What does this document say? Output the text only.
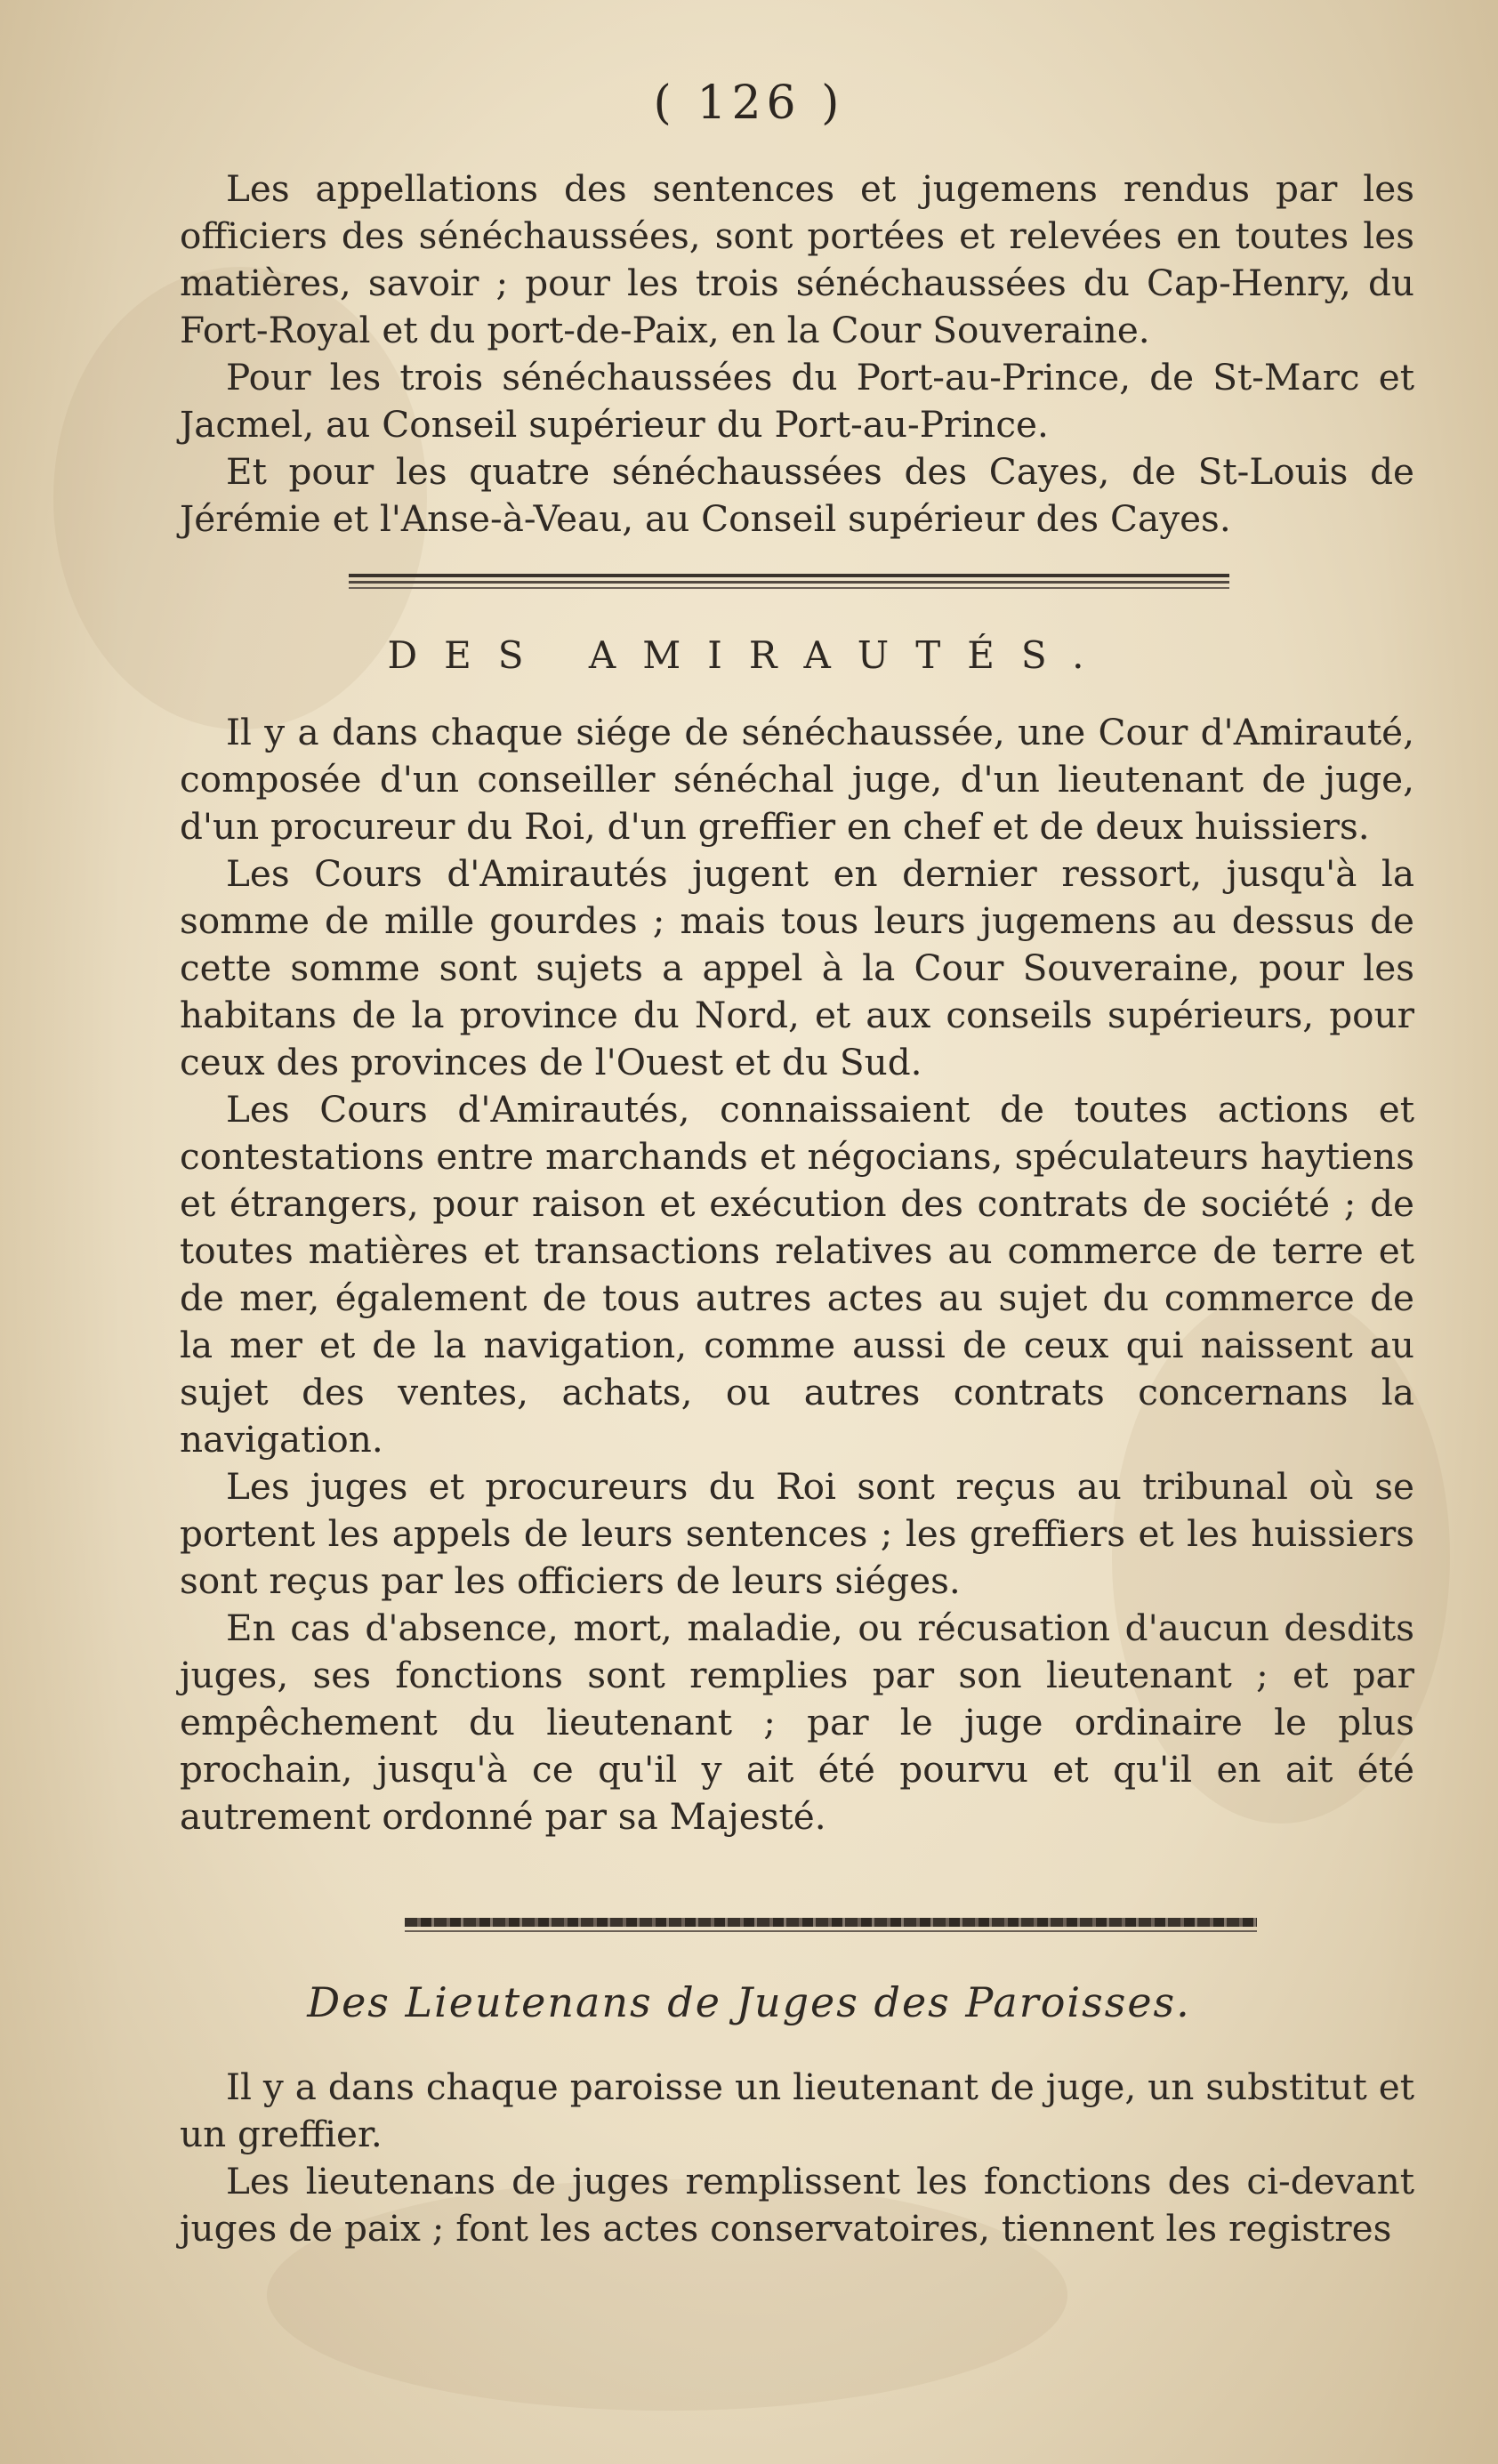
( 126 )

Les appellations des sentences et jugemens rendus par les officiers des sénéchaussées, sont portées et relevées en toutes les matières, savoir ; pour les trois sénéchaussées du Cap-Henry, du Fort-Royal et du port-de-Paix, en la Cour Souveraine.

Pour les trois sénéchaussées du Port-au-Prince, de St-Marc et Jacmel, au Conseil supérieur du Port-au-Prince.

Et pour les quatre sénéchaussées des Cayes, de St-Louis de Jérémie et l'Anse-à-Veau, au Conseil supérieur des Cayes.

DES AMIRAUTÉS.

Il y a dans chaque siége de sénéchaussée, une Cour d'Amirauté, composée d'un conseiller sénéchal juge, d'un lieutenant de juge, d'un procureur du Roi, d'un greffier en chef et de deux huissiers.

Les Cours d'Amirautés jugent en dernier ressort, jusqu'à la somme de mille gourdes ; mais tous leurs jugemens au dessus de cette somme sont sujets a appel à la Cour Souveraine, pour les habitans de la province du Nord, et aux conseils supérieurs, pour ceux des provinces de l'Ouest et du Sud.

Les Cours d'Amirautés, connaissaient de toutes actions et contestations entre marchands et négocians, spéculateurs haytiens et étrangers, pour raison et exécution des contrats de société ; de toutes matières et transactions relatives au commerce de terre et de mer, également de tous autres actes au sujet du commerce de la mer et de la navigation, comme aussi de ceux qui naissent au sujet des ventes, achats, ou autres contrats concernans la navigation.

Les juges et procureurs du Roi sont reçus au tribunal où se portent les appels de leurs sentences ; les greffiers et les huissiers sont reçus par les officiers de leurs siéges.

En cas d'absence, mort, maladie, ou récusation d'aucun desdits juges, ses fonctions sont remplies par son lieutenant ; et par empêchement du lieutenant ; par le juge ordinaire le plus prochain, jusqu'à ce qu'il y ait été pourvu et qu'il en ait été autrement ordonné par sa Majesté.

Des Lieutenans de Juges des Paroisses.

Il y a dans chaque paroisse un lieutenant de juge, un substitut et un greffier.

Les lieutenans de juges remplissent les fonctions des ci-devant juges de paix ; font les actes conservatoires, tiennent les registres
